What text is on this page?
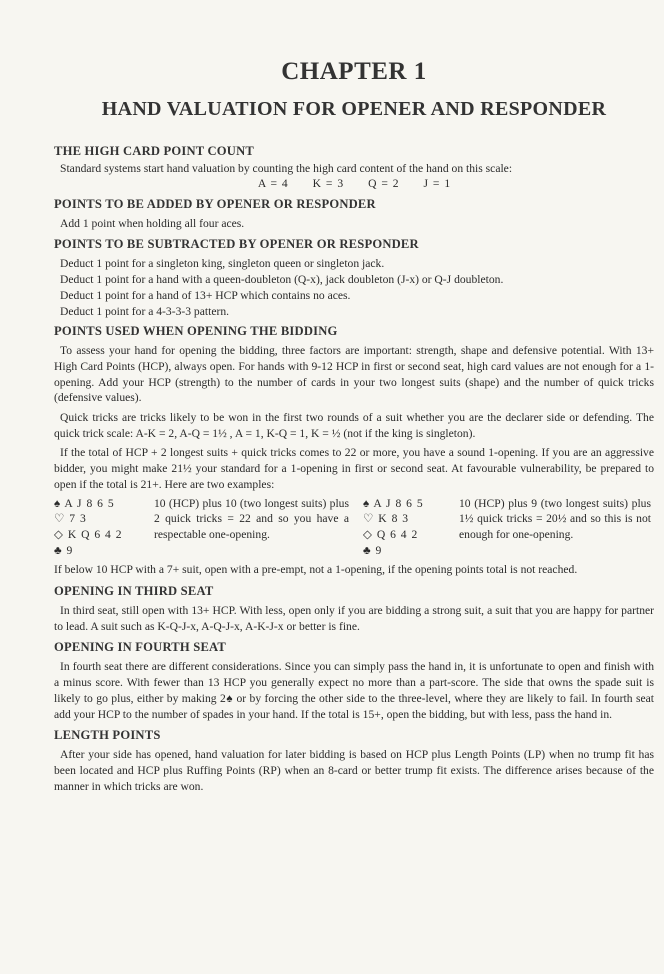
CHAPTER 1
HAND VALUATION FOR OPENER AND RESPONDER
THE HIGH CARD POINT COUNT

Standard systems start hand valuation by counting the high card content of the hand on this scale:

A = 4 K = 3 Q = 2 J = 1
POINTS TO BE ADDED BY OPENER OR RESPONDER

Add 1 point when holding all four aces.

POINTS TO BE SUBTRACTED BY OPENER OR RESPONDER
Deduct 1 point for a singleton king, singleton queen or singleton jack.
Deduct 1 point for a hand with a queen-doubleton (Q-x), jack doubleton (J-x) or Q-J doubleton.
Deduct 1 point for a hand of 13+ HCP which contains no aces.
Deduct 1 point for a 4-3-3-3 pattern.
POINTS USED WHEN OPENING THE BIDDING

To assess your hand for opening the bidding, three factors are important: strength, shape and defensive potential. With 13+ High Card Points (HCP), always open. For hands with 9-12 HCP in first or second seat, high card values are not enough for a 1-opening. Add your HCP (strength) to the number of cards in your two longest suits (shape) and the number of quick tricks (defensive values).

Quick tricks are tricks likely to be won in the first two rounds of a suit whether you are the declarer side or defending. The quick trick scale: A-K = 2, A-Q = 1½ , A = 1, K-Q = 1, K = ½ (not if the king is singleton).

If the total of HCP + 2 longest suits + quick tricks comes to 22 or more, you have a sound 1-opening. If you are an aggressive bidder, you might make 21½ your standard for a 1-opening in first or second seat. At favourable vulnerability, be prepared to open if the total is 21+. Here are two examples:

♠ A J 8 6 5
♡ 7 3
◇ K Q 6 4 2
♣ 9
10 (HCP) plus 10 (two longest suits) plus 2 quick tricks = 22 and so you have a respectable one-opening.
♠ A J 8 6 5
♡ K 8 3
◇ Q 6 4 2
♣ 9
10 (HCP) plus 9 (two longest suits) plus 1½ quick tricks = 20½ and so this is not enough for one-opening.

If below 10 HCP with a 7+ suit, open with a pre-empt, not a 1-opening, if the opening points total is not reached.

OPENING IN THIRD SEAT

In third seat, still open with 13+ HCP. With less, open only if you are bidding a strong suit, a suit that you are happy for partner to lead. A suit such as K-Q-J-x, A-Q-J-x, A-K-J-x or better is fine.

OPENING IN FOURTH SEAT

In fourth seat there are different considerations. Since you can simply pass the hand in, it is unfortunate to open and finish with a minus score. With fewer than 13 HCP you generally expect no more than a part-score. The side that owns the spade suit is likely to go plus, either by making 2♠ or by forcing the other side to the three-level, where they are likely to fail. In fourth seat add your HCP to the number of spades in your hand. If the total is 15+, open the bidding, but with less, pass the hand in.

LENGTH POINTS

After your side has opened, hand valuation for later bidding is based on HCP plus Length Points (LP) when no trump fit has been located and HCP plus Ruffing Points (RP) when an 8-card or better trump fit exists. The difference arises because of the manner in which tricks are won.
